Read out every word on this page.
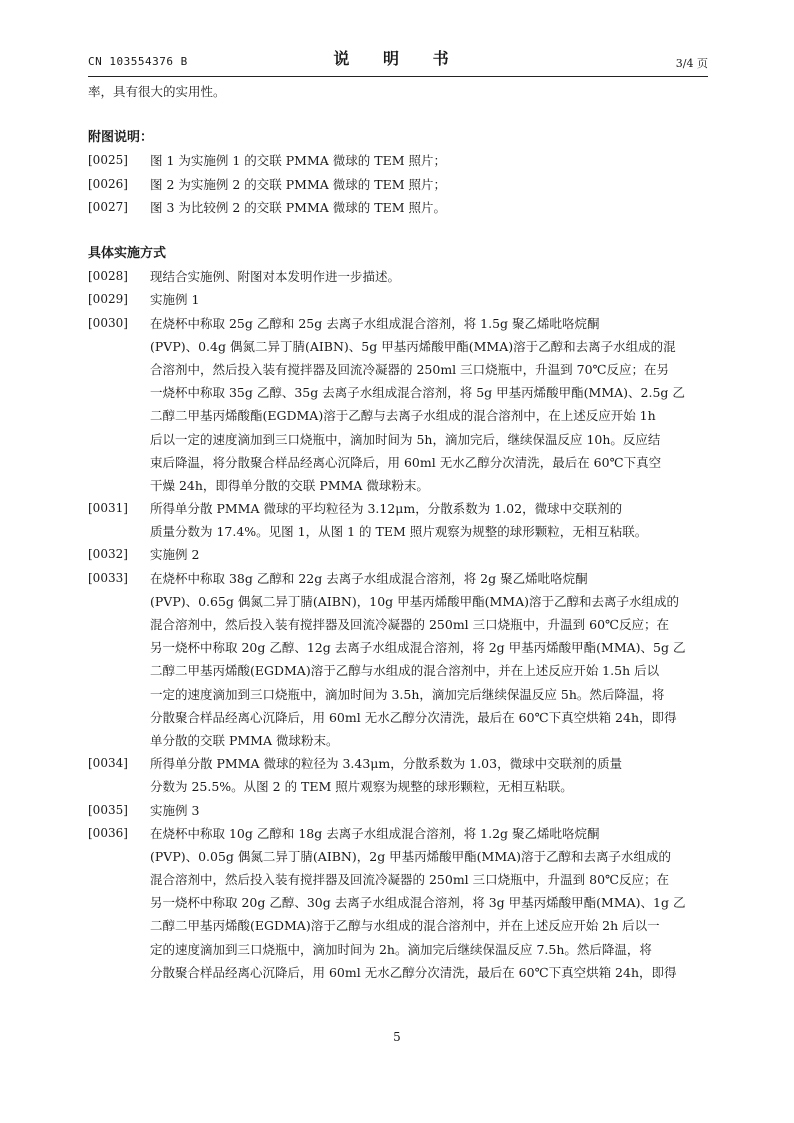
CN 103554376 B	说 明 书	3/4 页
率，具有很大的实用性。
附图说明：
[0025]	图 1 为实施例 1 的交联 PMMA 微球的 TEM 照片；
[0026]	图 2 为实施例 2 的交联 PMMA 微球的 TEM 照片；
[0027]	图 3 为比较例 2 的交联 PMMA 微球的 TEM 照片。
具体实施方式
[0028]	现结合实施例、附图对本发明作进一步描述。
[0029]	实施例 1
[0030]	在烧杯中称取 25g 乙醇和 25g 去离子水组成混合溶剂，将 1.5g 聚乙烯吡咯烷酮
(PVP)、0.4g 偶氮二异丁腈(AIBN)、5g 甲基丙烯酸甲酯(MMA)溶于乙醇和去离子水组成的混
合溶剂中，然后投入装有搅拌器及回流冷凝器的 250ml 三口烧瓶中，升温到 70℃反应；在另
一烧杯中称取 35g 乙醇、35g 去离子水组成混合溶剂，将 5g 甲基丙烯酸甲酯(MMA)、2.5g 乙
二醇二甲基丙烯酸酯(EGDMA)溶于乙醇与去离子水组成的混合溶剂中，在上述反应开始 1h
后以一定的速度滴加到三口烧瓶中，滴加时间为 5h，滴加完后，继续保温反应 10h。反应结
束后降温，将分散聚合样品经离心沉降后，用 60ml 无水乙醇分次清洗，最后在 60℃下真空
干燥 24h，即得单分散的交联 PMMA 微球粉末。
[0031]	所得单分散 PMMA 微球的平均粒径为 3.12μm，分散系数为 1.02，微球中交联剂的
质量分数为 17.4%。见图 1，从图 1 的 TEM 照片观察为规整的球形颗粒，无相互粘联。
[0032]	实施例 2
[0033]	在烧杯中称取 38g 乙醇和 22g 去离子水组成混合溶剂，将 2g 聚乙烯吡咯烷酮
(PVP)、0.65g 偶氮二异丁腈(AIBN)，10g 甲基丙烯酸甲酯(MMA)溶于乙醇和去离子水组成的
混合溶剂中，然后投入装有搅拌器及回流冷凝器的 250ml 三口烧瓶中，升温到 60℃反应；在
另一烧杯中称取 20g 乙醇、12g 去离子水组成混合溶剂，将 2g 甲基丙烯酸甲酯(MMA)、5g 乙
二醇二甲基丙烯酸(EGDMA)溶于乙醇与水组成的混合溶剂中，并在上述反应开始 1.5h 后以
一定的速度滴加到三口烧瓶中，滴加时间为 3.5h，滴加完后继续保温反应 5h。然后降温，将
分散聚合样品经离心沉降后，用 60ml 无水乙醇分次清洗，最后在 60℃下真空烘箱 24h，即得
单分散的交联 PMMA 微球粉末。
[0034]	所得单分散 PMMA 微球的粒径为 3.43μm，分散系数为 1.03，微球中交联剂的质量
分数为 25.5%。从图 2 的 TEM 照片观察为规整的球形颗粒，无相互粘联。
[0035]	实施例 3
[0036]	在烧杯中称取 10g 乙醇和 18g 去离子水组成混合溶剂，将 1.2g 聚乙烯吡咯烷酮
(PVP)、0.05g 偶氮二异丁腈(AIBN)，2g 甲基丙烯酸甲酯(MMA)溶于乙醇和去离子水组成的
混合溶剂中，然后投入装有搅拌器及回流冷凝器的 250ml 三口烧瓶中，升温到 80℃反应；在
另一烧杯中称取 20g 乙醇、30g 去离子水组成混合溶剂，将 3g 甲基丙烯酸甲酯(MMA)、1g 乙
二醇二甲基丙烯酸(EGDMA)溶于乙醇与水组成的混合溶剂中，并在上述反应开始 2h 后以一
定的速度滴加到三口烧瓶中，滴加时间为 2h。滴加完后继续保温反应 7.5h。然后降温，将
分散聚合样品经离心沉降后，用 60ml 无水乙醇分次清洗，最后在 60℃下真空烘箱 24h，即得
5
